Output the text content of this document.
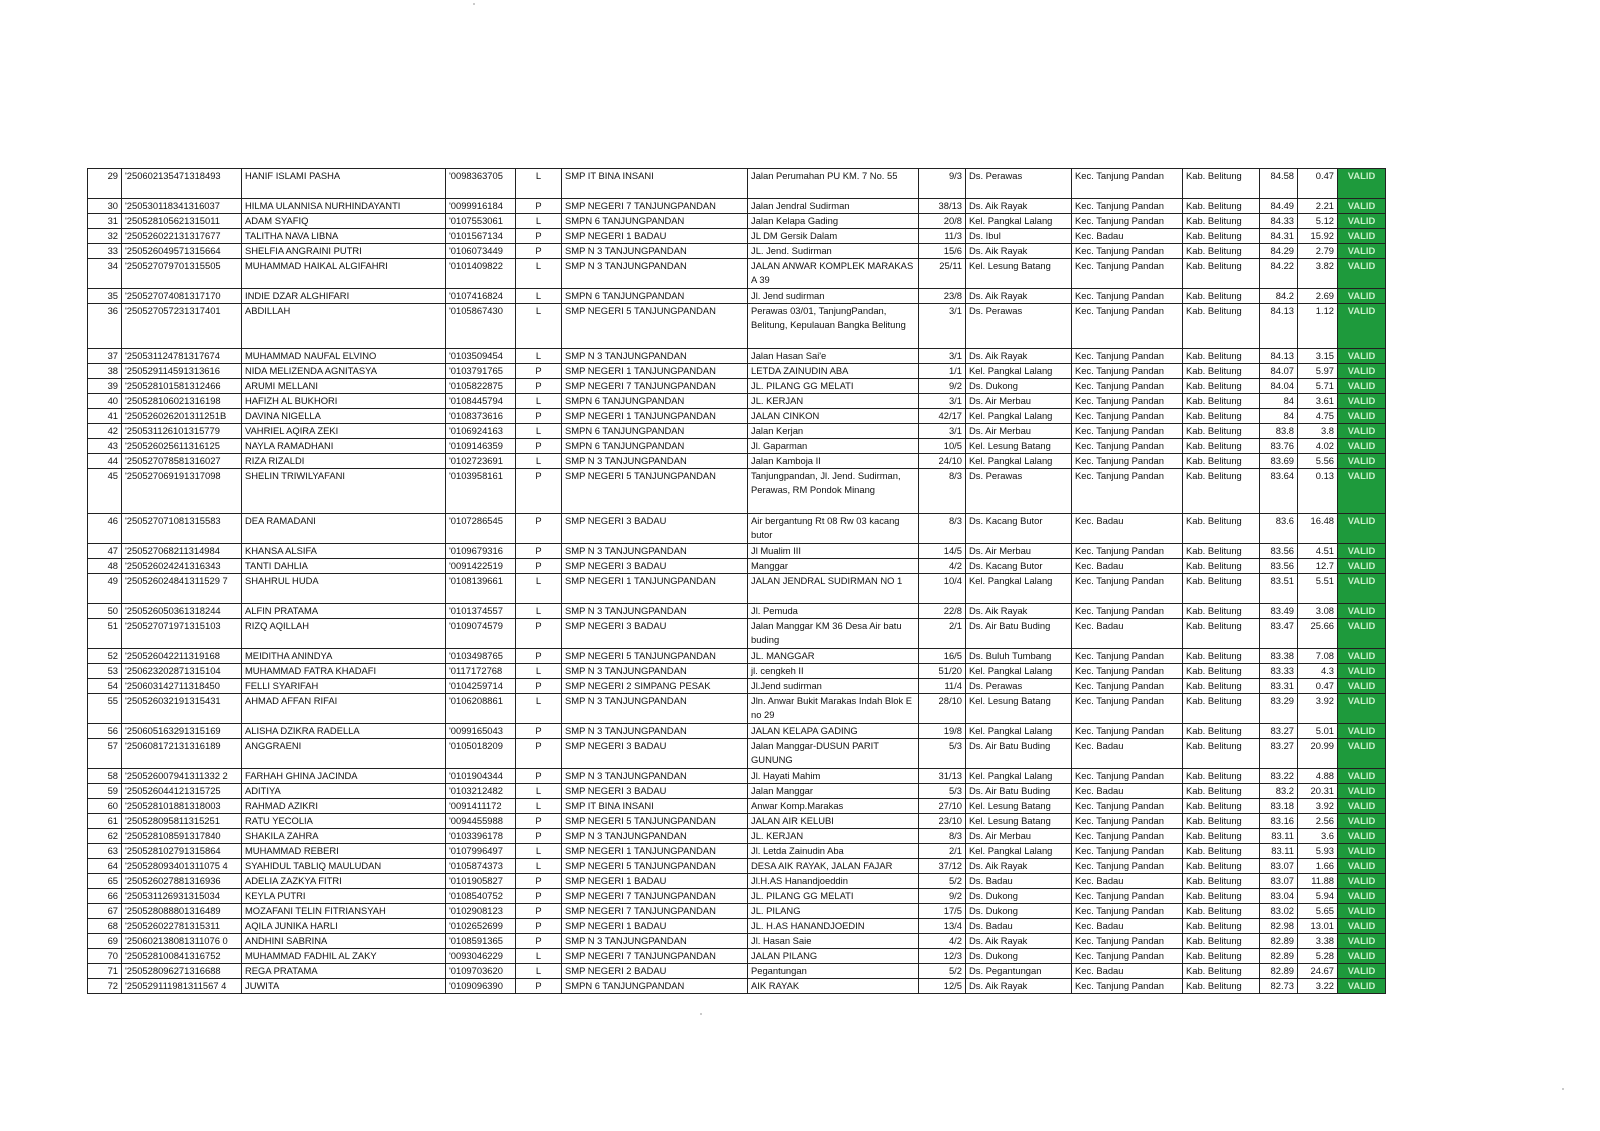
29	'250602135471318493	HANIF ISLAMI PASHA	'0098363705	L	SMP IT BINA INSANI	Jalan Perumahan PU KM. 7 No. 55	9/3	Ds. Perawas	Kec. Tanjung Pandan	Kab. Belitung	84.58	0.47	VALID
30	'250530118341316037	HILMA ULANNISA NURHINDAYANTI	'0099916184	P	SMP NEGERI 7 TANJUNGPANDAN	Jalan Jendral Sudirman	38/13	Ds. Aik Rayak	Kec. Tanjung Pandan	Kab. Belitung	84.49	2.21	VALID
31	'250528105621315011	ADAM SYAFIQ	'0107553061	L	SMPN 6 TANJUNGPANDAN	Jalan Kelapa Gading	20/8	Kel. Pangkal Lalang	Kec. Tanjung Pandan	Kab. Belitung	84.33	5.12	VALID
32	'250526022131317677	TALITHA NAVA LIBNA	'0101567134	P	SMP NEGERI 1 BADAU	JL DM Gersik Dalam	11/3	Ds. Ibul	Kec. Badau	Kab. Belitung	84.31	15.92	VALID
33	'250526049571315664	SHELFIA ANGRAINI PUTRI	'0106073449	P	SMP N 3 TANJUNGPANDAN	JL. Jend. Sudirman	15/6	Ds. Aik Rayak	Kec. Tanjung Pandan	Kab. Belitung	84.29	2.79	VALID
34	'250527079701315505	MUHAMMAD HAIKAL ALGIFAHRI	'0101409822	L	SMP N 3 TANJUNGPANDAN	JALAN ANWAR KOMPLEK MARAKAS A 39	25/11	Kel. Lesung Batang	Kec. Tanjung Pandan	Kab. Belitung	84.22	3.82	VALID
35	'250527074081317170	INDIE DZAR ALGHIFARI	'0107416824	L	SMPN 6 TANJUNGPANDAN	Jl. Jend sudirman	23/8	Ds. Aik Rayak	Kec. Tanjung Pandan	Kab. Belitung	84.2	2.69	VALID
36	'250527057231317401	ABDILLAH	'0105867430	L	SMP NEGERI 5 TANJUNGPANDAN	Perawas 03/01, TanjungPandan, Belitung, Kepulauan Bangka Belitung	3/1	Ds. Perawas	Kec. Tanjung Pandan	Kab. Belitung	84.13	1.12	VALID
37	'250531124781317674	MUHAMMAD NAUFAL ELVINO	'0103509454	L	SMP N 3 TANJUNGPANDAN	Jalan Hasan Sai'e	3/1	Ds. Aik Rayak	Kec. Tanjung Pandan	Kab. Belitung	84.13	3.15	VALID
38	'250529114591313616	NIDA MELIZENDA AGNITASYA	'0103791765	P	SMP NEGERI 1 TANJUNGPANDAN	LETDA ZAINUDIN ABA	1/1	Kel. Pangkal Lalang	Kec. Tanjung Pandan	Kab. Belitung	84.07	5.97	VALID
39	'250528101581312466	ARUMI MELLANI	'0105822875	P	SMP NEGERI 7 TANJUNGPANDAN	JL. PILANG GG MELATI	9/2	Ds. Dukong	Kec. Tanjung Pandan	Kab. Belitung	84.04	5.71	VALID
40	'250528106021316198	HAFIZH AL BUKHORI	'0108445794	L	SMPN 6 TANJUNGPANDAN	JL. KERJAN	3/1	Ds. Air Merbau	Kec. Tanjung Pandan	Kab. Belitung	84	3.61	VALID
41	'250526026201311251B	DAVINA NIGELLA	'0108373616	P	SMP NEGERI 1 TANJUNGPANDAN	JALAN CINKON	42/17	Kel. Pangkal Lalang	Kec. Tanjung Pandan	Kab. Belitung	84	4.75	VALID
42	'250531126101315779	VAHRIEL AQIRA ZEKI	'0106924163	L	SMPN 6 TANJUNGPANDAN	Jalan Kerjan	3/1	Ds. Air Merbau	Kec. Tanjung Pandan	Kab. Belitung	83.8	3.8	VALID
43	'250526025611316125	NAYLA RAMADHANI	'0109146359	P	SMPN 6 TANJUNGPANDAN	Jl. Gaparman	10/5	Kel. Lesung Batang	Kec. Tanjung Pandan	Kab. Belitung	83.76	4.02	VALID
44	'250527078581316027	RIZA RIZALDI	'0102723691	L	SMP N 3 TANJUNGPANDAN	Jalan Kamboja II	24/10	Kel. Pangkal Lalang	Kec. Tanjung Pandan	Kab. Belitung	83.69	5.56	VALID
45	'250527069191317098	SHELIN TRIWILYAFANI	'0103958161	P	SMP NEGERI 5 TANJUNGPANDAN	Tanjungpandan, Jl. Jend. Sudirman, Perawas, RM Pondok Minang	8/3	Ds. Perawas	Kec. Tanjung Pandan	Kab. Belitung	83.64	0.13	VALID
46	'250527071081315583	DEA RAMADANI	'0107286545	P	SMP NEGERI 3 BADAU	Air bergantung Rt 08 Rw 03 kacang butor	8/3	Ds. Kacang Butor	Kec. Badau	Kab. Belitung	83.6	16.48	VALID
47	'250527068211314984	KHANSA ALSIFA	'0109679316	P	SMP N 3 TANJUNGPANDAN	Jl Mualim III	14/5	Ds. Air Merbau	Kec. Tanjung Pandan	Kab. Belitung	83.56	4.51	VALID
48	'250526024241316343	TANTI DAHLIA	'0091422519	P	SMP NEGERI 3 BADAU	Manggar	4/2	Ds. Kacang Butor	Kec. Badau	Kab. Belitung	83.56	12.7	VALID
49	'250526024841311529 7	SHAHRUL HUDA	'0108139661	L	SMP NEGERI 1 TANJUNGPANDAN	JALAN JENDRAL SUDIRMAN NO 1	10/4	Kel. Pangkal Lalang	Kec. Tanjung Pandan	Kab. Belitung	83.51	5.51	VALID
50	'250526050361318244	ALFIN PRATAMA	'0101374557	L	SMP N 3 TANJUNGPANDAN	Jl. Pemuda	22/8	Ds. Aik Rayak	Kec. Tanjung Pandan	Kab. Belitung	83.49	3.08	VALID
51	'250527071971315103	RIZQ AQILLAH	'0109074579	P	SMP NEGERI 3 BADAU	Jalan Manggar KM 36 Desa Air batu buding	2/1	Ds. Air Batu Buding	Kec. Badau	Kab. Belitung	83.47	25.66	VALID
52	'250526042211319168	MEIDITHA ANINDYA	'0103498765	P	SMP NEGERI 5 TANJUNGPANDAN	JL. MANGGAR	16/5	Ds. Buluh Tumbang	Kec. Tanjung Pandan	Kab. Belitung	83.38	7.08	VALID
53	'250623202871315104	MUHAMMAD FATRA KHADAFI	'0117172768	L	SMP N 3 TANJUNGPANDAN	jl. cengkeh II	51/20	Kel. Pangkal Lalang	Kec. Tanjung Pandan	Kab. Belitung	83.33	4.3	VALID
54	'250603142711318450	FELLI SYARIFAH	'0104259714	P	SMP NEGERI 2 SIMPANG PESAK	Jl.Jend sudirman	11/4	Ds. Perawas	Kec. Tanjung Pandan	Kab. Belitung	83.31	0.47	VALID
55	'250526032191315431	AHMAD AFFAN RIFAI	'0106208861	L	SMP N 3 TANJUNGPANDAN	Jln. Anwar Bukit Marakas Indah Blok E no 29	28/10	Kel. Lesung Batang	Kec. Tanjung Pandan	Kab. Belitung	83.29	3.92	VALID
56	'250605163291315169	ALISHA DZIKRA RADELLA	'0099165043	P	SMP N 3 TANJUNGPANDAN	JALAN KELAPA GADING	19/8	Kel. Pangkal Lalang	Kec. Tanjung Pandan	Kab. Belitung	83.27	5.01	VALID
57	'250608172131316189	ANGGRAENI	'0105018209	P	SMP NEGERI 3 BADAU	Jalan Manggar-DUSUN PARIT GUNUNG	5/3	Ds. Air Batu Buding	Kec. Badau	Kab. Belitung	83.27	20.99	VALID
58	'250526007941311332 2	FARHAH GHINA JACINDA	'0101904344	P	SMP N 3 TANJUNGPANDAN	Jl. Hayati Mahim	31/13	Kel. Pangkal Lalang	Kec. Tanjung Pandan	Kab. Belitung	83.22	4.88	VALID
59	'250526044121315725	ADITIYA	'0103212482	L	SMP NEGERI 3 BADAU	Jalan Manggar	5/3	Ds. Air Batu Buding	Kec. Badau	Kab. Belitung	83.2	20.31	VALID
60	'250528101881318003	RAHMAD AZIKRI	'0091411172	L	SMP IT BINA INSANI	Anwar Komp.Marakas	27/10	Kel. Lesung Batang	Kec. Tanjung Pandan	Kab. Belitung	83.18	3.92	VALID
61	'250528095811315251	RATU YECOLIA	'0094455988	P	SMP NEGERI 5 TANJUNGPANDAN	JALAN AIR KELUBI	23/10	Kel. Lesung Batang	Kec. Tanjung Pandan	Kab. Belitung	83.16	2.56	VALID
62	'250528108591317840	SHAKILA ZAHRA	'0103396178	P	SMP N 3 TANJUNGPANDAN	JL. KERJAN	8/3	Ds. Air Merbau	Kec. Tanjung Pandan	Kab. Belitung	83.11	3.6	VALID
63	'250528102791315864	MUHAMMAD REBERI	'0107996497	L	SMP NEGERI 1 TANJUNGPANDAN	Jl. Letda Zainudin Aba	2/1	Kel. Pangkal Lalang	Kec. Tanjung Pandan	Kab. Belitung	83.11	5.93	VALID
64	'250528093401311075 4	SYAHIDUL TABLIQ MAULUDAN	'0105874373	L	SMP NEGERI 5 TANJUNGPANDAN	DESA AIK RAYAK, JALAN FAJAR	37/12	Ds. Aik Rayak	Kec. Tanjung Pandan	Kab. Belitung	83.07	1.66	VALID
65	'250526027881316936	ADELIA ZAZKYA FITRI	'0101905827	P	SMP NEGERI 1 BADAU	Jl.H.AS Hanandjoeddin	5/2	Ds. Badau	Kec. Badau	Kab. Belitung	83.07	11.88	VALID
66	'250531126931315034	KEYLA PUTRI	'0108540752	P	SMP NEGERI 7 TANJUNGPANDAN	JL. PILANG GG MELATI	9/2	Ds. Dukong	Kec. Tanjung Pandan	Kab. Belitung	83.04	5.94	VALID
67	'250528088801316489	MOZAFANI TELIN FITRIANSYAH	'0102908123	P	SMP NEGERI 7 TANJUNGPANDAN	JL. PILANG	17/5	Ds. Dukong	Kec. Tanjung Pandan	Kab. Belitung	83.02	5.65	VALID
68	'250526022781315311	AQILA JUNIKA HARLI	'0102652699	P	SMP NEGERI 1 BADAU	JL. H.AS HANANDJOEDIN	13/4	Ds. Badau	Kec. Badau	Kab. Belitung	82.98	13.01	VALID
69	'250602138081311076 0	ANDHINI SABRINA	'0108591365	P	SMP N 3 TANJUNGPANDAN	Jl. Hasan Saie	4/2	Ds. Aik Rayak	Kec. Tanjung Pandan	Kab. Belitung	82.89	3.38	VALID
70	'250528100841316752	MUHAMMAD FADHIL AL ZAKY	'0093046229	L	SMP NEGERI 7 TANJUNGPANDAN	JALAN PILANG	12/3	Ds. Dukong	Kec. Tanjung Pandan	Kab. Belitung	82.89	5.28	VALID
71	'250528096271316688	REGA PRATAMA	'0109703620	L	SMP NEGERI 2 BADAU	Pegantungan	5/2	Ds. Pegantungan	Kec. Badau	Kab. Belitung	82.89	24.67	VALID
72	'250529111981311567 4	JUWITA	'0109096390	P	SMPN 6 TANJUNGPANDAN	AIK RAYAK	12/5	Ds. Aik Rayak	Kec. Tanjung Pandan	Kab. Belitung	82.73	3.22	VALID
